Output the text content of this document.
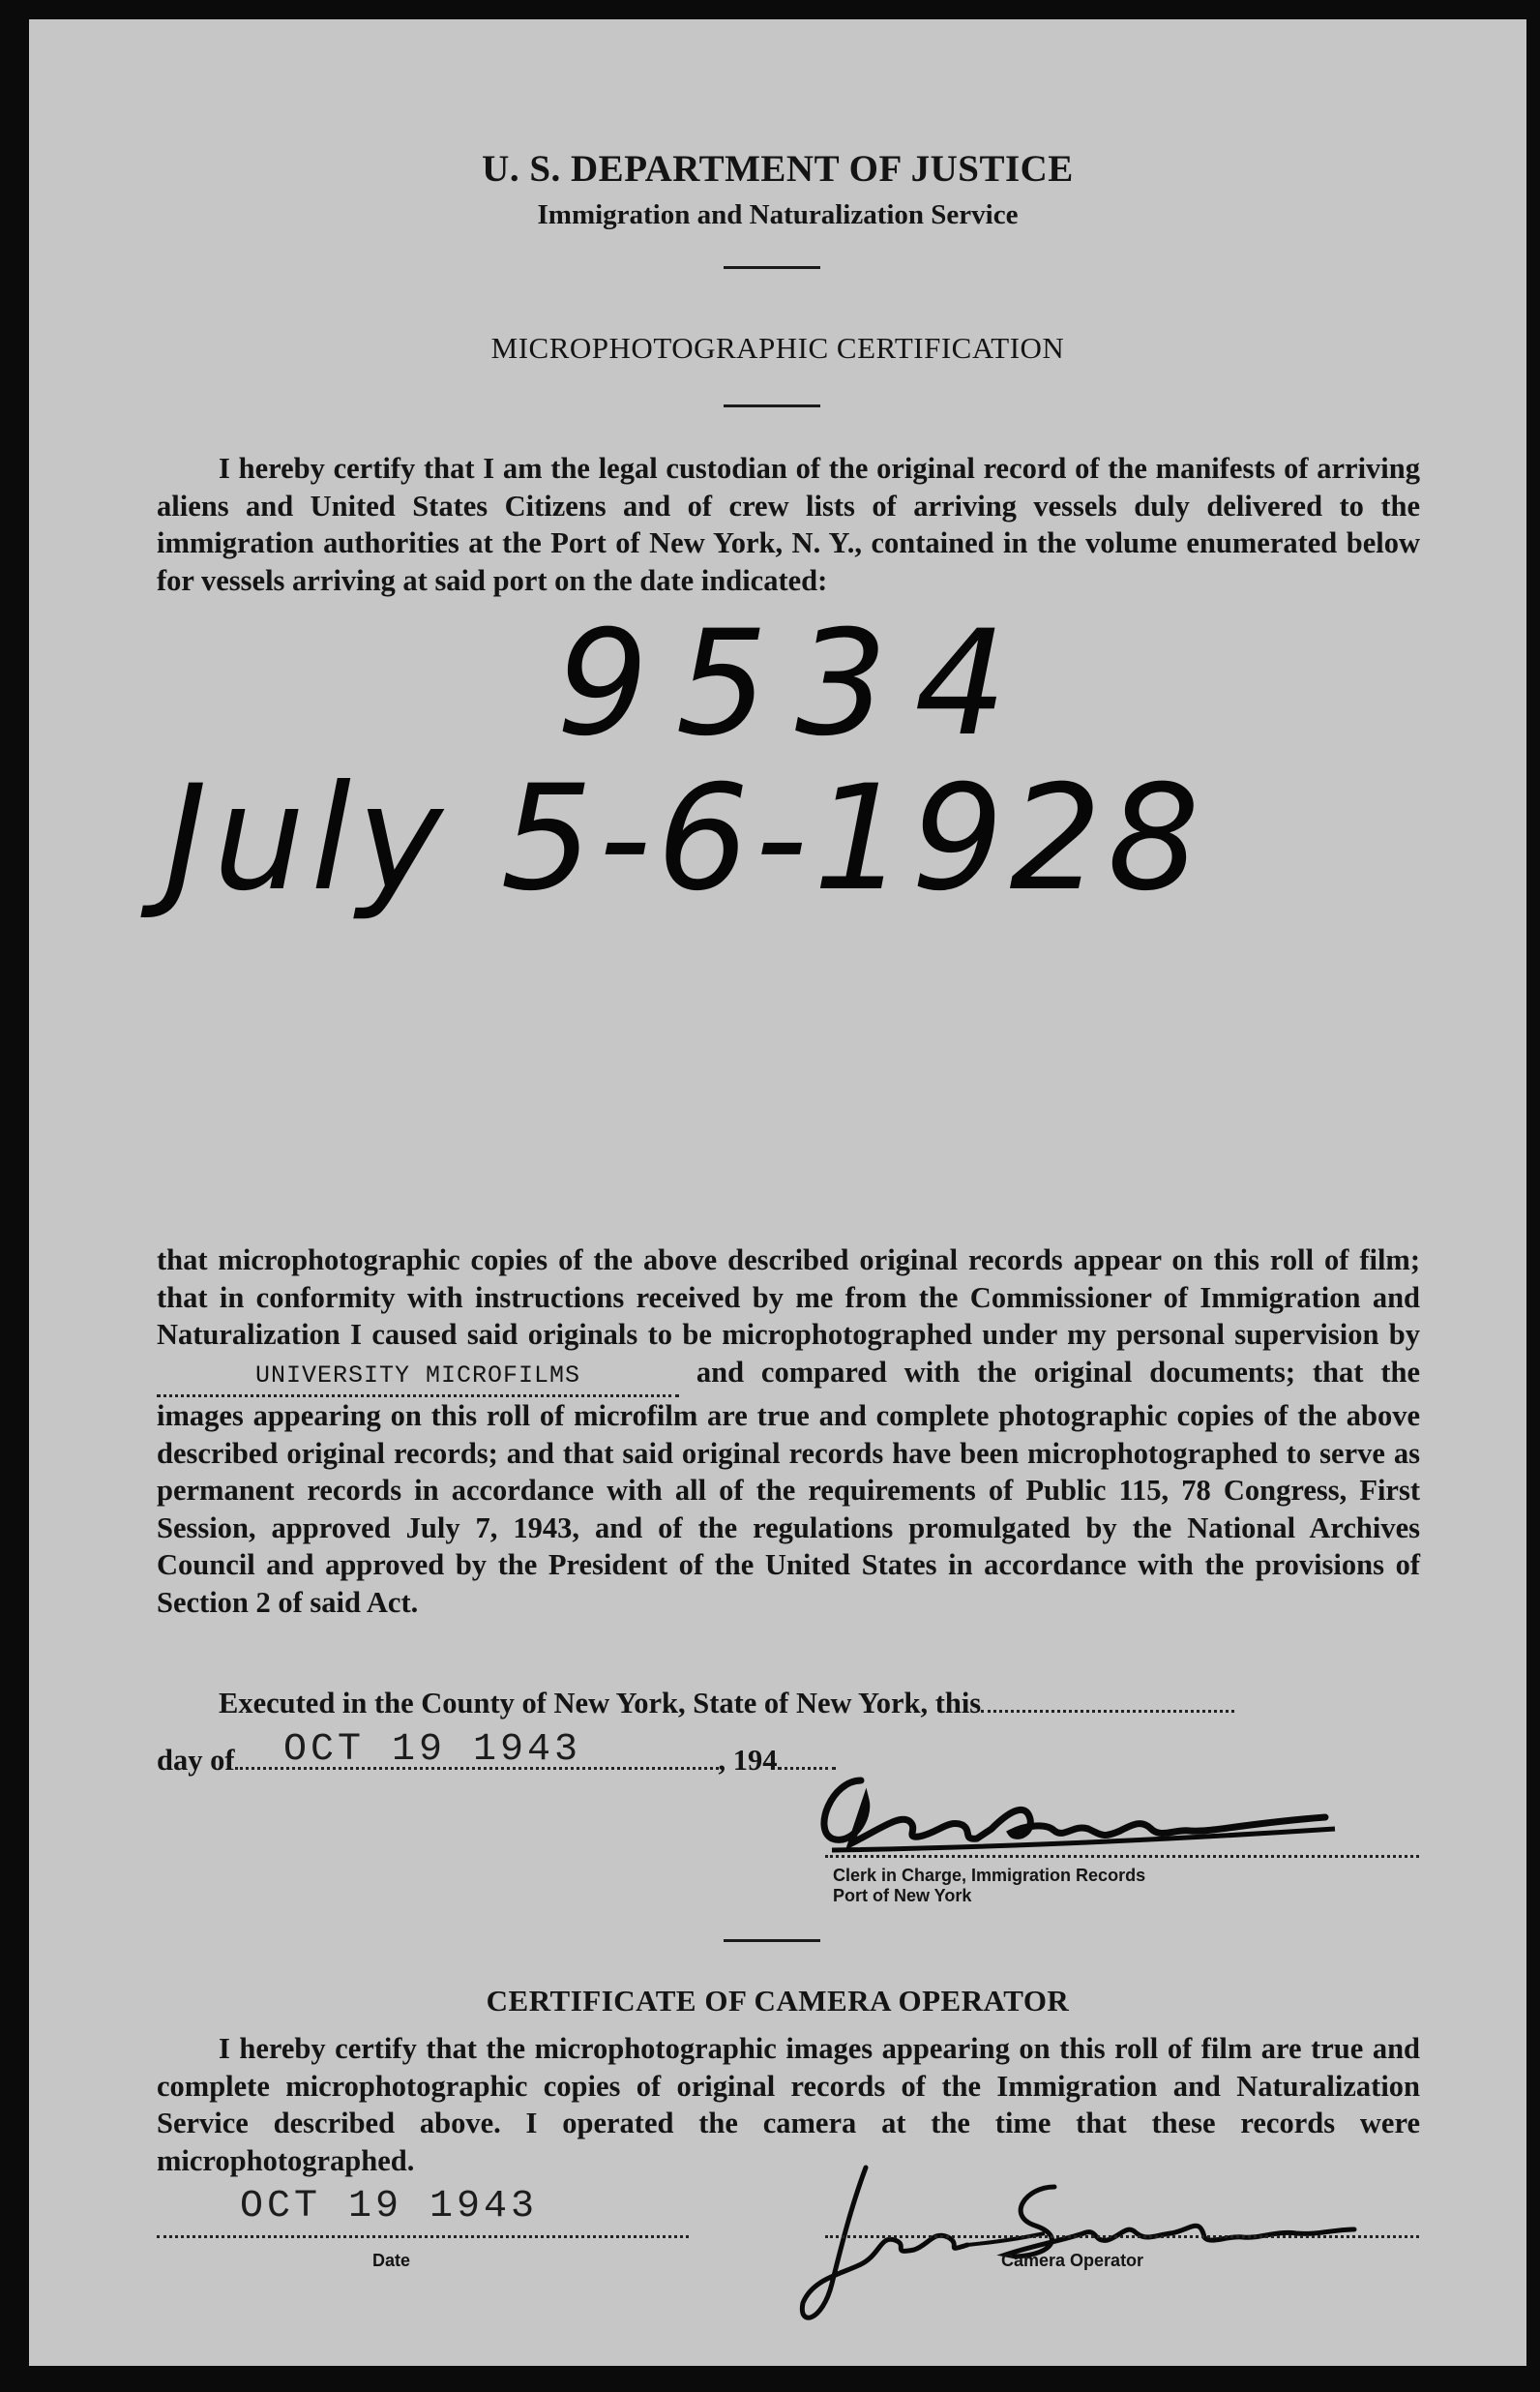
U. S. DEPARTMENT OF JUSTICE
Immigration and Naturalization Service
MICROPHOTOGRAPHIC CERTIFICATION

I hereby certify that I am the legal custodian of the original record of the manifests of arriving aliens and United States Citizens and of crew lists of arriving vessels duly delivered to the immigration authorities at the Port of New York, N. Y., contained in the volume enumerated below for vessels arriving at said port on the date indicated:

9534
July 5-6-1928

that microphotographic copies of the above described original records appear on this roll of film; that in conformity with instructions received by me from the Commissioner of Immigration and Naturalization I caused said originals to be microphotographed under my personal supervision by UNIVERSITY MICROFILMS	and compared with the original documents; that the images appearing on this roll of microfilm are true and complete photographic copies of the above described original records; and that said original records have been microphotographed to serve as permanent records in accordance with all of the requirements of Public 115, 78 Congress, First Session, approved July 7, 1943, and of the regulations promulgated by the National Archives Council and approved by the President of the United States in accordance with the provisions of Section 2 of said Act.

Executed in the County of New York, State of New York, this
day of	, 194
OCT 19 1943
Clerk in Charge, Immigration Records
Port of New York
CERTIFICATE OF CAMERA OPERATOR

I hereby certify that the microphotographic images appearing on this roll of film are true and complete microphotographic copies of original records of the Immigration and Naturalization Service described above. I operated the camera at the time that these records were microphotographed.

OCT 19 1943
Date	Camera Operator
